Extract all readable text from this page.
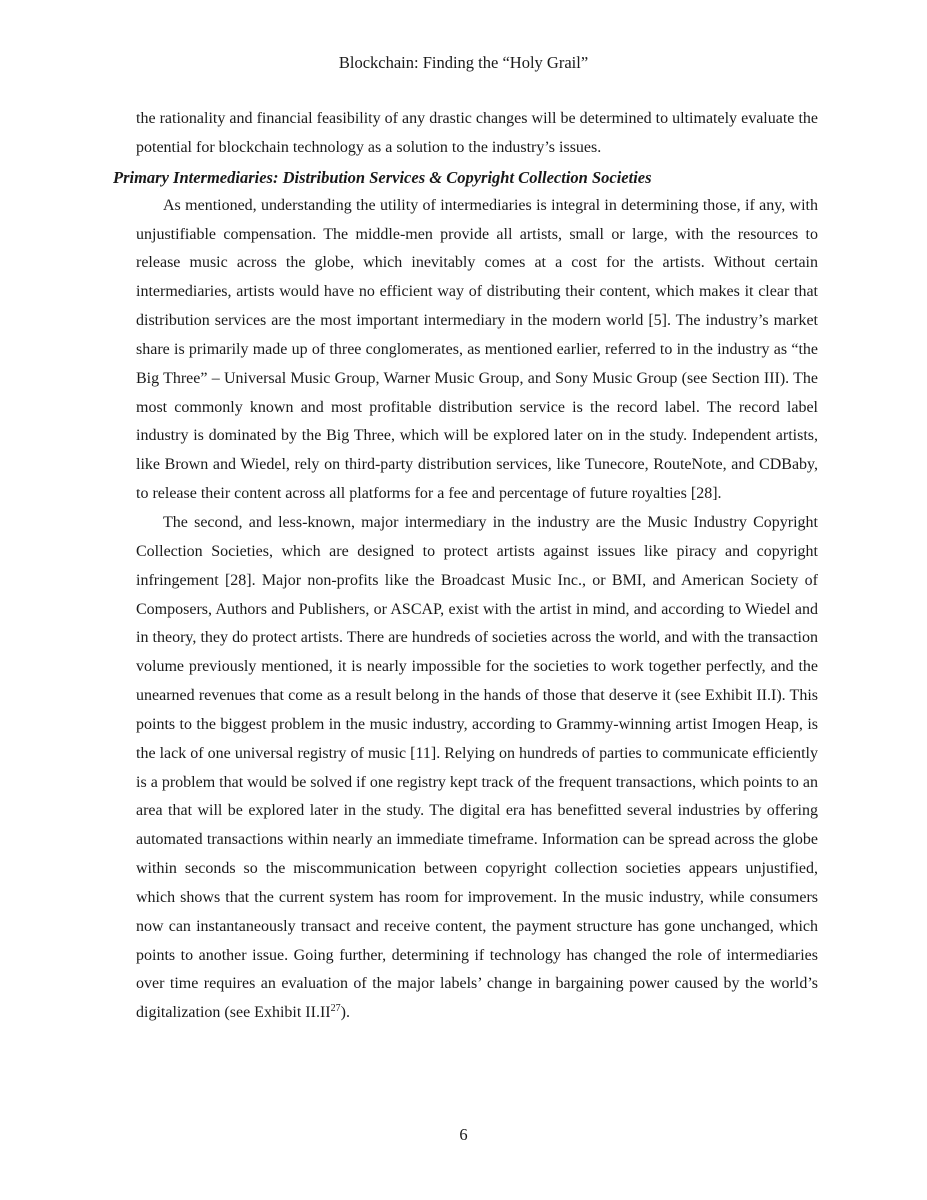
Blockchain: Finding the “Holy Grail”

the rationality and financial feasibility of any drastic changes will be determined to ultimately evaluate the potential for blockchain technology as a solution to the industry’s issues.

Primary Intermediaries: Distribution Services & Copyright Collection Societies

As mentioned, understanding the utility of intermediaries is integral in determining those, if any, with unjustifiable compensation. The middle-men provide all artists, small or large, with the resources to release music across the globe, which inevitably comes at a cost for the artists. Without certain intermediaries, artists would have no efficient way of distributing their content, which makes it clear that distribution services are the most important intermediary in the modern world [5]. The industry’s market share is primarily made up of three conglomerates, as mentioned earlier, referred to in the industry as “the Big Three” – Universal Music Group, Warner Music Group, and Sony Music Group (see Section III). The most commonly known and most profitable distribution service is the record label. The record label industry is dominated by the Big Three, which will be explored later on in the study. Independent artists, like Brown and Wiedel, rely on third-party distribution services, like Tunecore, RouteNote, and CDBaby, to release their content across all platforms for a fee and percentage of future royalties [28].

The second, and less-known, major intermediary in the industry are the Music Industry Copyright Collection Societies, which are designed to protect artists against issues like piracy and copyright infringement [28]. Major non-profits like the Broadcast Music Inc., or BMI, and American Society of Composers, Authors and Publishers, or ASCAP, exist with the artist in mind, and according to Wiedel and in theory, they do protect artists. There are hundreds of societies across the world, and with the transaction volume previously mentioned, it is nearly impossible for the societies to work together perfectly, and the unearned revenues that come as a result belong in the hands of those that deserve it (see Exhibit II.I). This points to the biggest problem in the music industry, according to Grammy-winning artist Imogen Heap, is the lack of one universal registry of music [11]. Relying on hundreds of parties to communicate efficiently is a problem that would be solved if one registry kept track of the frequent transactions, which points to an area that will be explored later in the study. The digital era has benefitted several industries by offering automated transactions within nearly an immediate timeframe. Information can be spread across the globe within seconds so the miscommunication between copyright collection societies appears unjustified, which shows that the current system has room for improvement. In the music industry, while consumers now can instantaneously transact and receive content, the payment structure has gone unchanged, which points to another issue. Going further, determining if technology has changed the role of intermediaries over time requires an evaluation of the major labels’ change in bargaining power caused by the world’s digitalization (see Exhibit II.II$^{27}$).

6
